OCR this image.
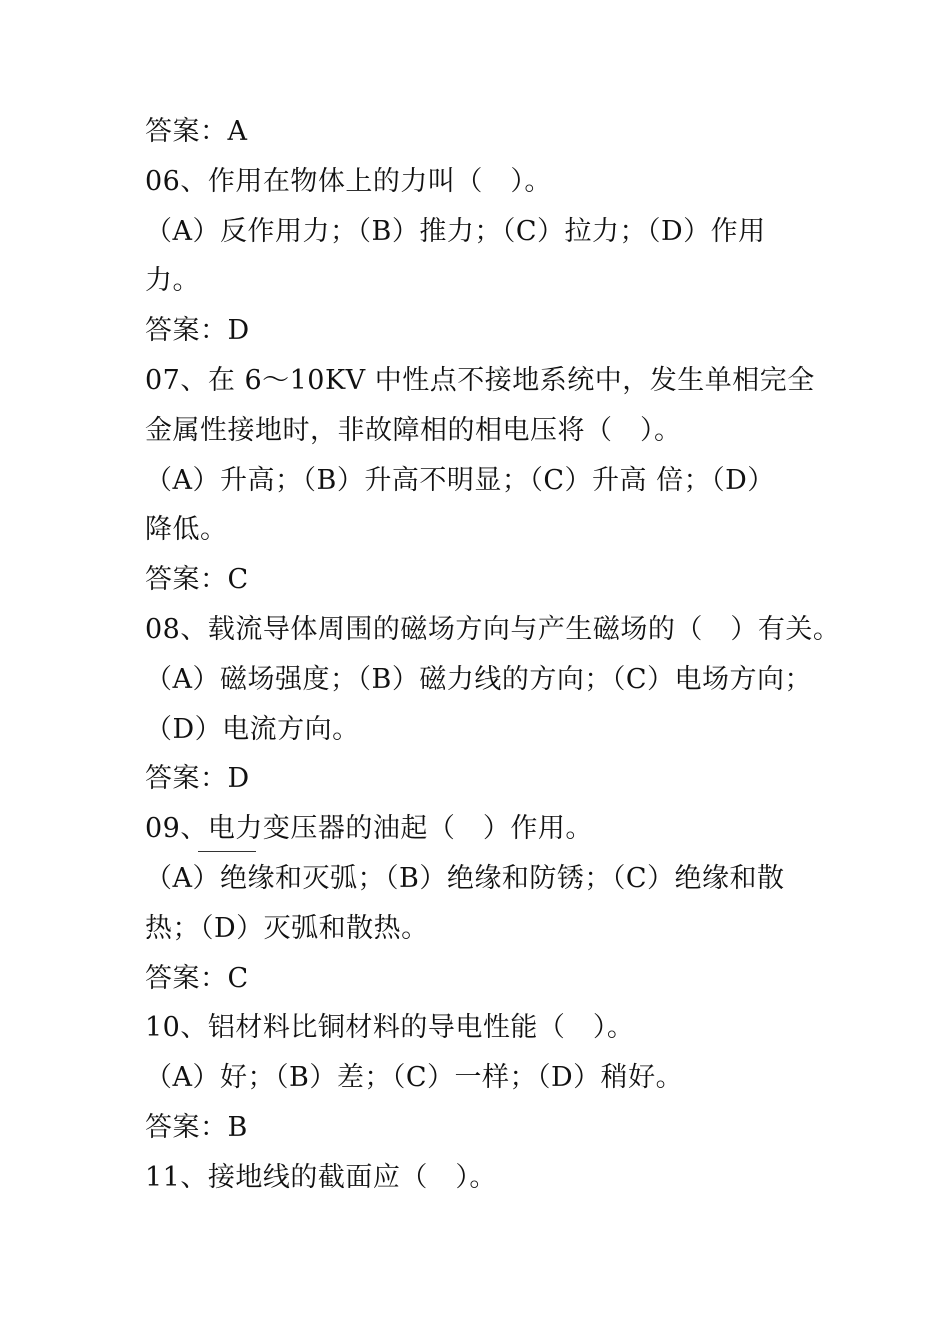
答案：A
06、作用在物体上的力叫（　）。
（A）反作用力；（B）推力；（C）拉力；（D）作用
力。
答案：D
07、在 6～10KV 中性点不接地系统中，发生单相完全
金属性接地时，非故障相的相电压将（　）。
（A）升高；（B）升高不明显；（C）升高 倍；（D）
降低。
答案：C
08、载流导体周围的磁场方向与产生磁场的（　）有关。
（A）磁场强度；（B）磁力线的方向；（C）电场方向；
（D）电流方向。
答案：D
09、电力变压器的油起（　）作用。
（A）绝缘和灭弧；（B）绝缘和防锈；（C）绝缘和散
热；（D）灭弧和散热。
答案：C
10、铝材料比铜材料的导电性能（　）。
（A）好；（B）差；（C）一样；（D）稍好。
答案：B
11、接地线的截面应（　）。
